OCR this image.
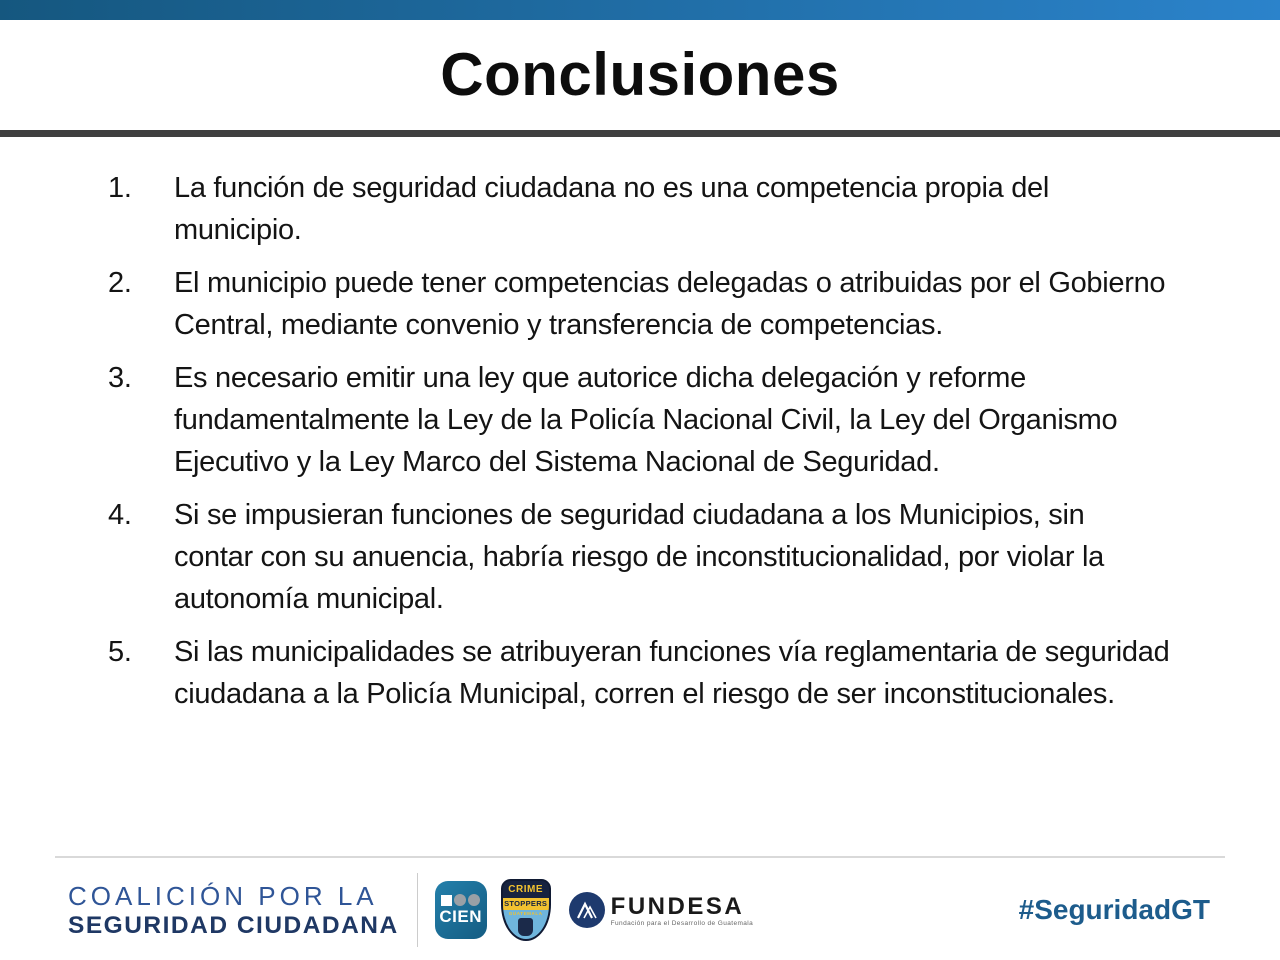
Conclusiones
1.	La función de seguridad ciudadana no es una competencia propia del municipio.
2.	El municipio puede tener competencias delegadas o atribuidas por el Gobierno Central, mediante convenio y transferencia de competencias.
3.	Es necesario emitir una ley que autorice dicha delegación y reforme fundamentalmente la Ley de la Policía Nacional Civil, la Ley del Organismo Ejecutivo y la Ley Marco del Sistema Nacional de Seguridad.
4.	Si se impusieran funciones de seguridad ciudadana a los Municipios, sin contar con su anuencia, habría riesgo de inconstitucionalidad, por violar la autonomía municipal.
5.	Si las municipalidades se atribuyeran funciones vía reglamentaria de seguridad ciudadana a la Policía Municipal, corren el riesgo de ser inconstitucionales.
COALICIÓN POR LA
SEGURIDAD CIUDADANA CIEN
CRIME
STOPPERS
GUATEMALA	FUNDESA
Fundación para el Desarrollo de Guatemala	#SeguridadGT
